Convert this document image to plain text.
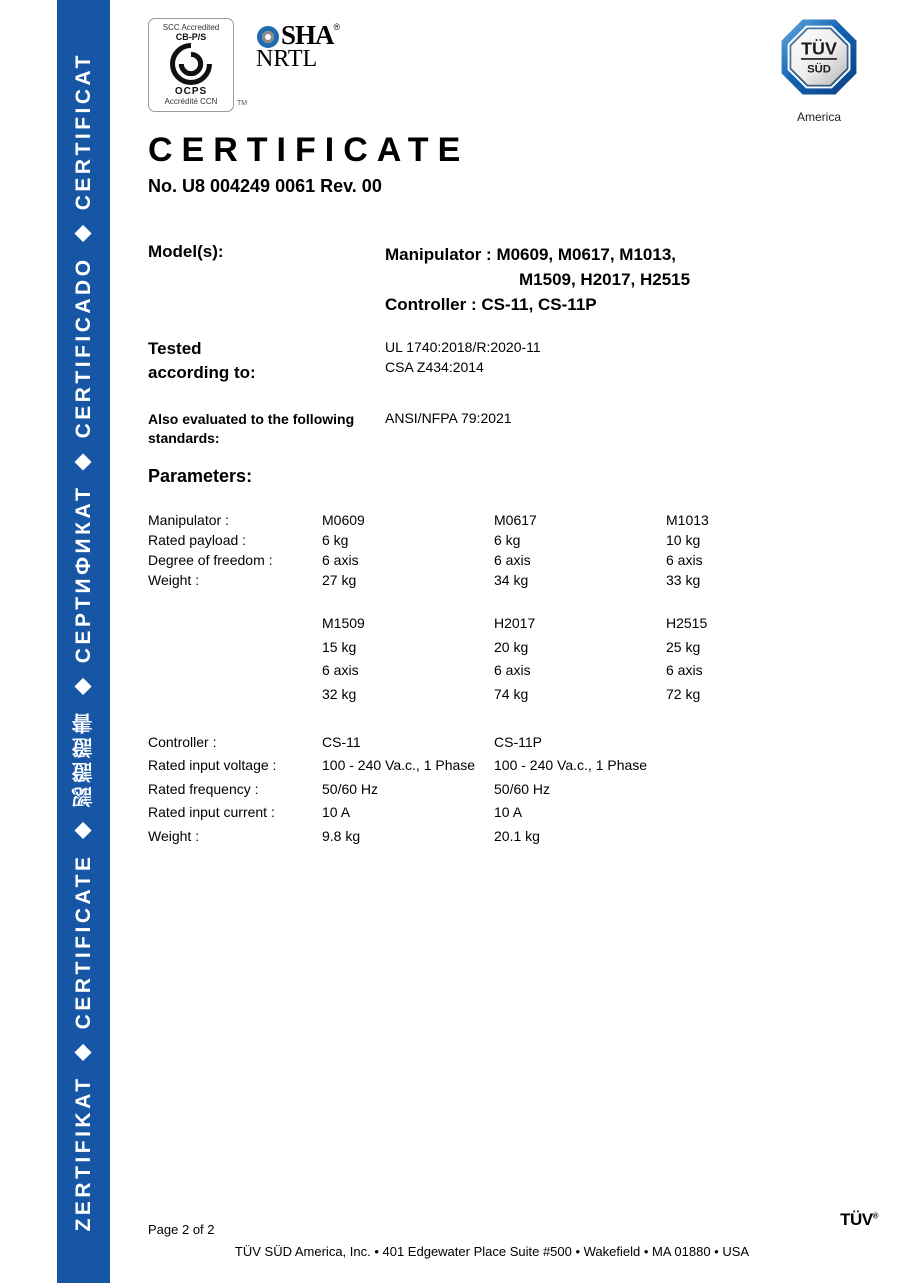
ZERTIFIKAT ◆ CERTIFICATE ◆ 認證證書 ◆ СЕРТИФИКАТ ◆ CERTIFICADO ◆ CERTIFICAT
SCC Accredited
CB-P/S
OCPS
Accrédité CCN	TM
SHA ®
NRTL	TÜV
SÜD
America
CERTIFICATE
No. U8 004249 0061 Rev. 00
Model(s):	Manipulator : M0609, M0617, M1013,
M1509, H2017, H2515
Controller : CS-11, CS-11P
Tested according to:
UL 1740:2018/R:2020-11
CSA Z434:2014
Also evaluated to the following standards:
ANSI/NFPA 79:2021
Parameters:
Manipulator :	M0609	M0617	M1013
Rated payload :	6 kg	6 kg	10 kg
Degree of freedom :	6 axis	6 axis	6 axis
Weight :	27 kg	34 kg	33 kg
M1509	H2017	H2515
15 kg	20 kg	25 kg
6 axis	6 axis	6 axis
32 kg	74 kg	72 kg
Controller :	CS-11	CS-11P
Rated input voltage :	100 - 240 Va.c., 1 Phase	100 - 240 Va.c., 1 Phase
Rated frequency :	50/60 Hz	50/60 Hz
Rated input current :	10 A	10 A
Weight :	9.8 kg	20.1 kg
Page 2 of 2
TÜV SÜD America, Inc. • 401 Edgewater Place Suite #500 • Wakefield • MA 01880 • USA
TÜV®
